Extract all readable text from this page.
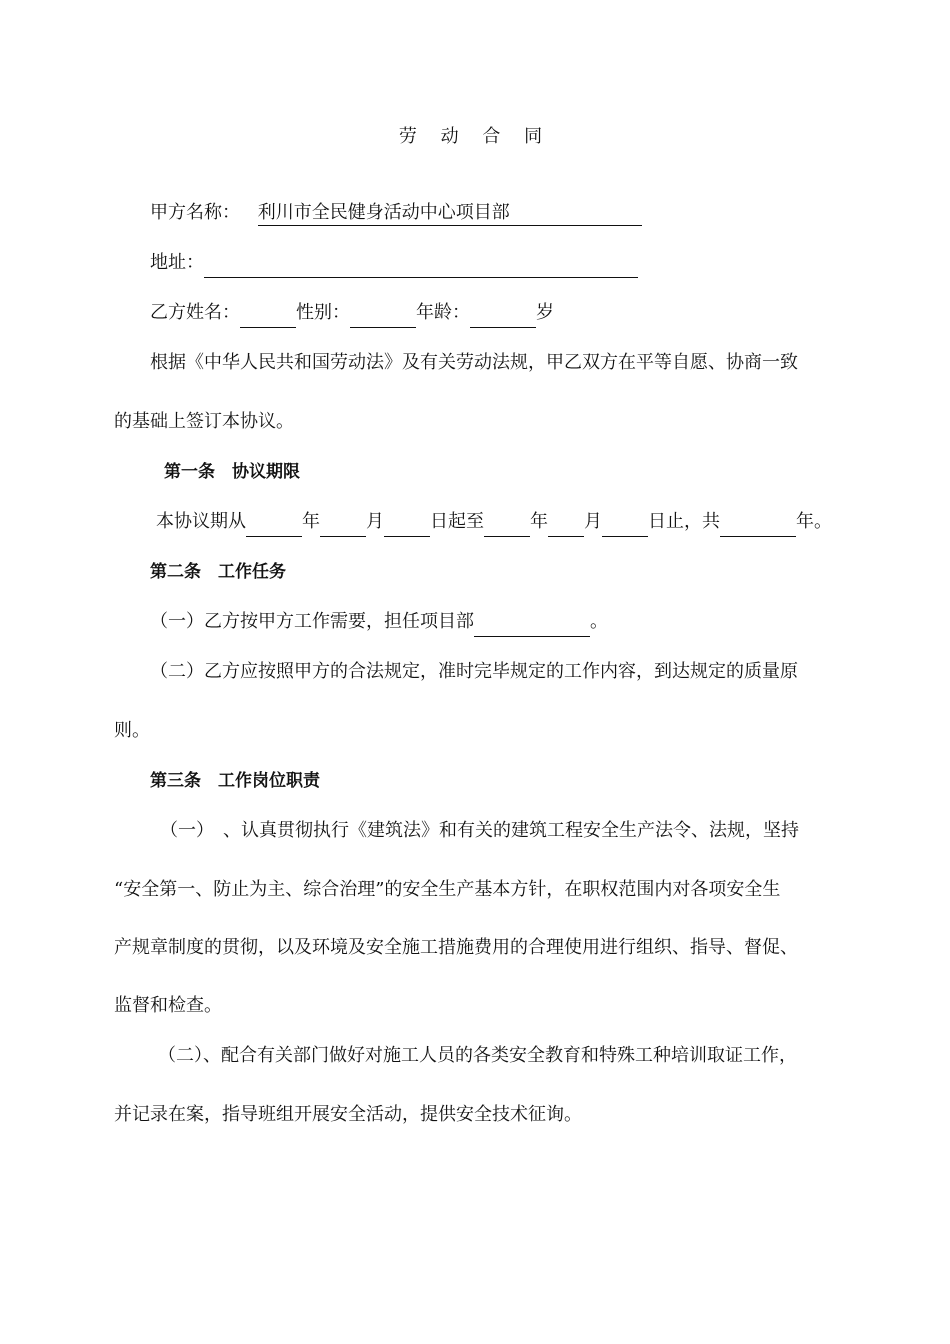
劳 动 合 同
甲方名称： 利川市全民健身活动中心项目部
地址：
乙方姓名：	性别：	年龄：	岁
根据《中华人民共和国劳动法》及有关劳动法规，甲乙双方在平等自愿、协商一致
的基础上签订本协议。
第一条　协议期限
本协议期从	年	月	日起至	年 月	日止，共	年。
第二条　工作任务
（一）乙方按甲方工作需要，担任项目部	。
（二）乙方应按照甲方的合法规定，准时完毕规定的工作内容，到达规定的质量原
则。
第三条　工作岗位职责
（一）　、认真贯彻执行《建筑法》和有关的建筑工程安全生产法令、法规，坚持
“安全第一、防止为主、综合治理”的安全生产基本方针，在职权范围内对各项安全生
产规章制度的贯彻，以及环境及安全施工措施费用的合理使用进行组织、指导、督促、
监督和检查。
（二）、配合有关部门做好对施工人员的各类安全教育和特殊工种培训取证工作，
并记录在案，指导班组开展安全活动，提供安全技术征询。
